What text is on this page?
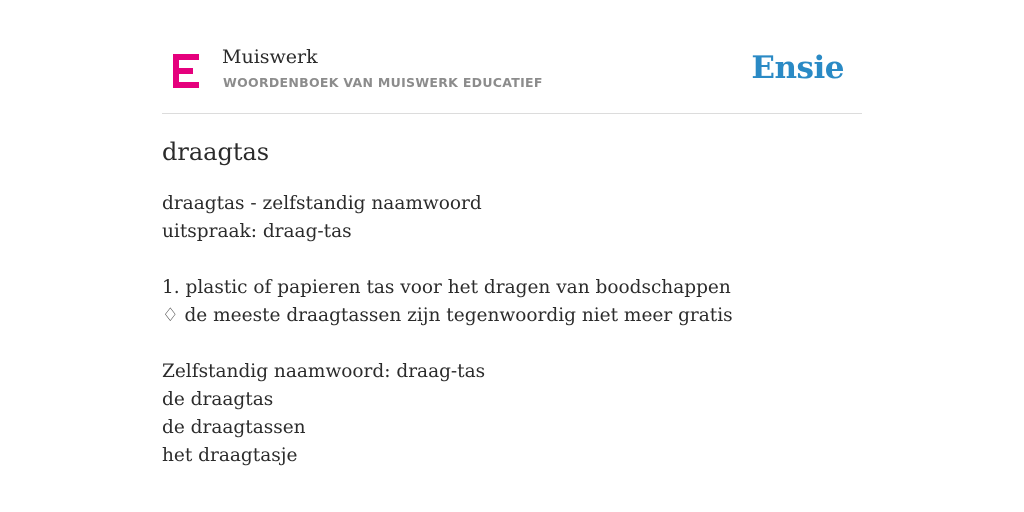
Muiswerk
WOORDENBOEK VAN MUISWERK EDUCATIEF	Ensie
draagtas
draagtas - zelfstandig naamwoord
uitspraak: draag-tas
1. plastic of papieren tas voor het dragen van boodschappen
♢ de meeste draagtassen zijn tegenwoordig niet meer gratis
Zelfstandig naamwoord: draag-tas
de draagtas
de draagtassen
het draagtasje
